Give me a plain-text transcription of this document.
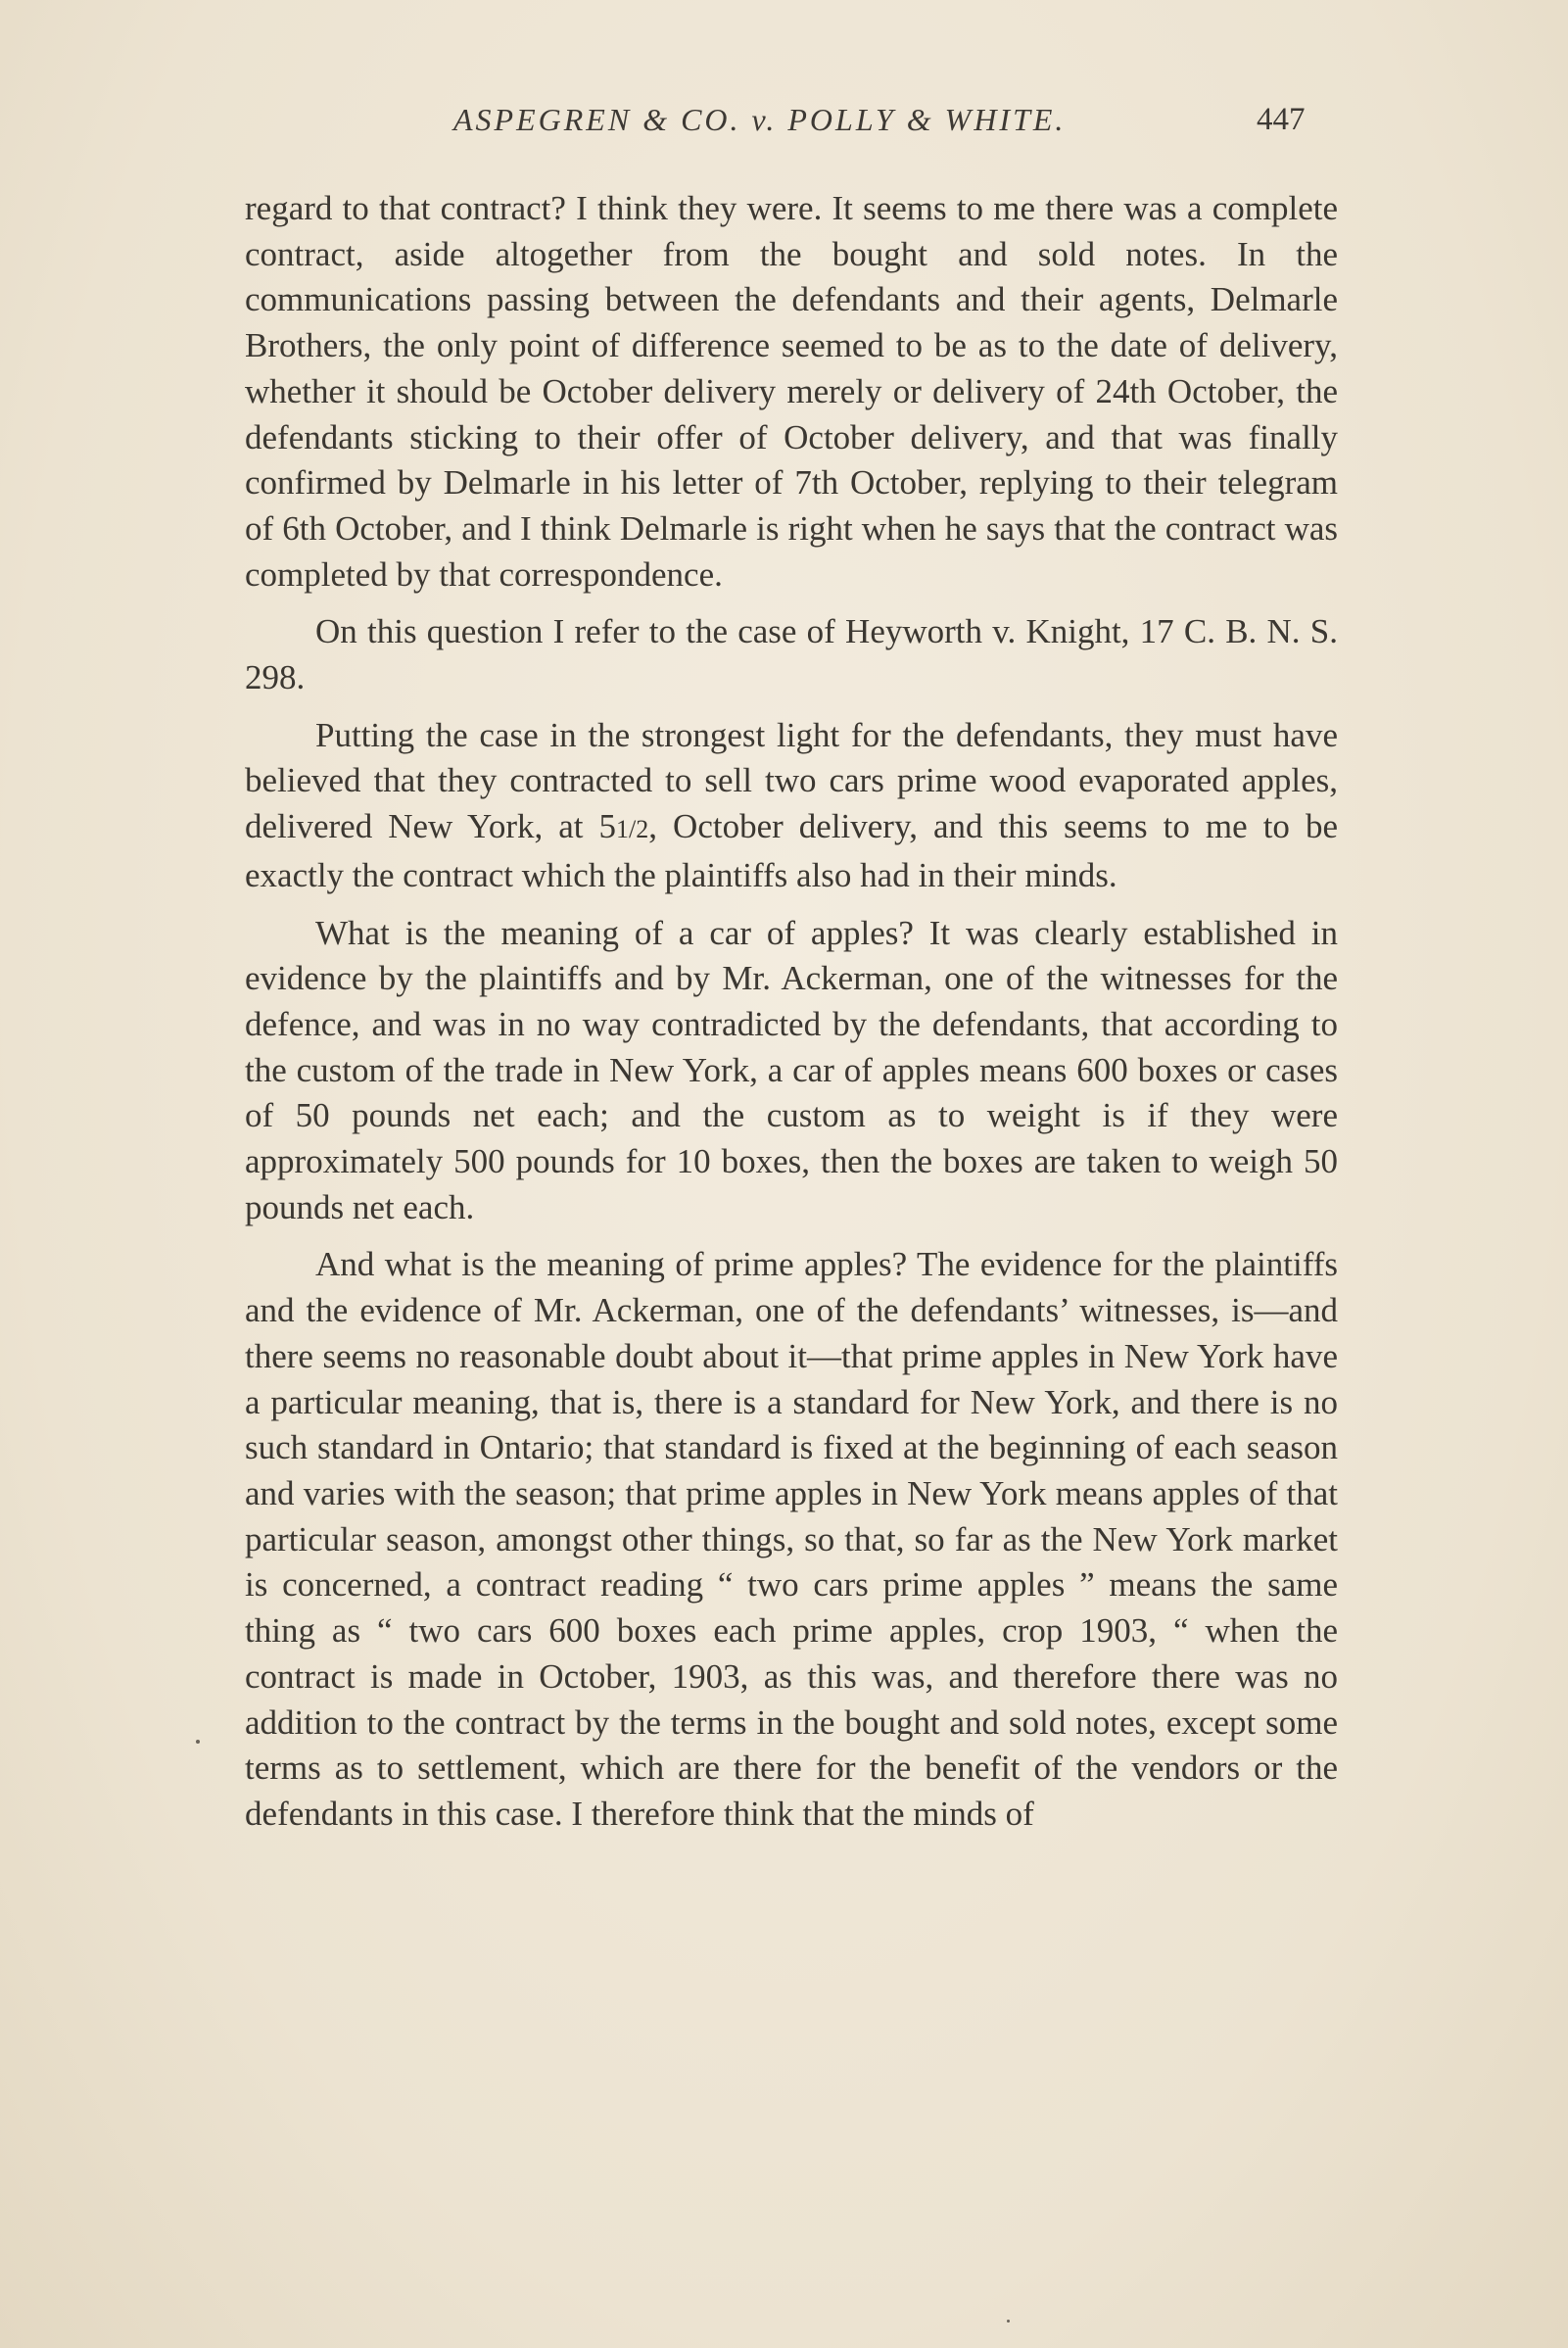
ASPEGREN & CO. v. POLLY & WHITE.	447

regard to that contract? I think they were. It seems to me there was a complete contract, aside altogether from the bought and sold notes. In the communications passing between the defendants and their agents, Delmarle Brothers, the only point of difference seemed to be as to the date of delivery, whether it should be October delivery merely or delivery of 24th October, the defendants sticking to their offer of October delivery, and that was finally confirmed by Delmarle in his letter of 7th October, replying to their telegram of 6th October, and I think Delmarle is right when he says that the contract was completed by that correspondence.

On this question I refer to the case of Heyworth v. Knight, 17 C. B. N. S. 298.

Putting the case in the strongest light for the defendants, they must have believed that they contracted to sell two cars prime wood evaporated apples, delivered New York, at 51/2, October delivery, and this seems to me to be exactly the contract which the plaintiffs also had in their minds.

What is the meaning of a car of apples? It was clearly established in evidence by the plaintiffs and by Mr. Ackerman, one of the witnesses for the defence, and was in no way contradicted by the defendants, that according to the custom of the trade in New York, a car of apples means 600 boxes or cases of 50 pounds net each; and the custom as to weight is if they were approximately 500 pounds for 10 boxes, then the boxes are taken to weigh 50 pounds net each.

And what is the meaning of prime apples? The evidence for the plaintiffs and the evidence of Mr. Ackerman, one of the defendants’ witnesses, is—and there seems no reasonable doubt about it—that prime apples in New York have a particular meaning, that is, there is a standard for New York, and there is no such standard in Ontario; that standard is fixed at the beginning of each season and varies with the season; that prime apples in New York means apples of that particular season, amongst other things, so that, so far as the New York market is concerned, a contract reading “ two cars prime apples ” means the same thing as “ two cars 600 boxes each prime apples, crop 1903, “ when the contract is made in October, 1903, as this was, and therefore there was no addition to the contract by the terms in the bought and sold notes, except some terms as to settlement, which are there for the benefit of the vendors or the defendants in this case. I therefore think that the minds of
